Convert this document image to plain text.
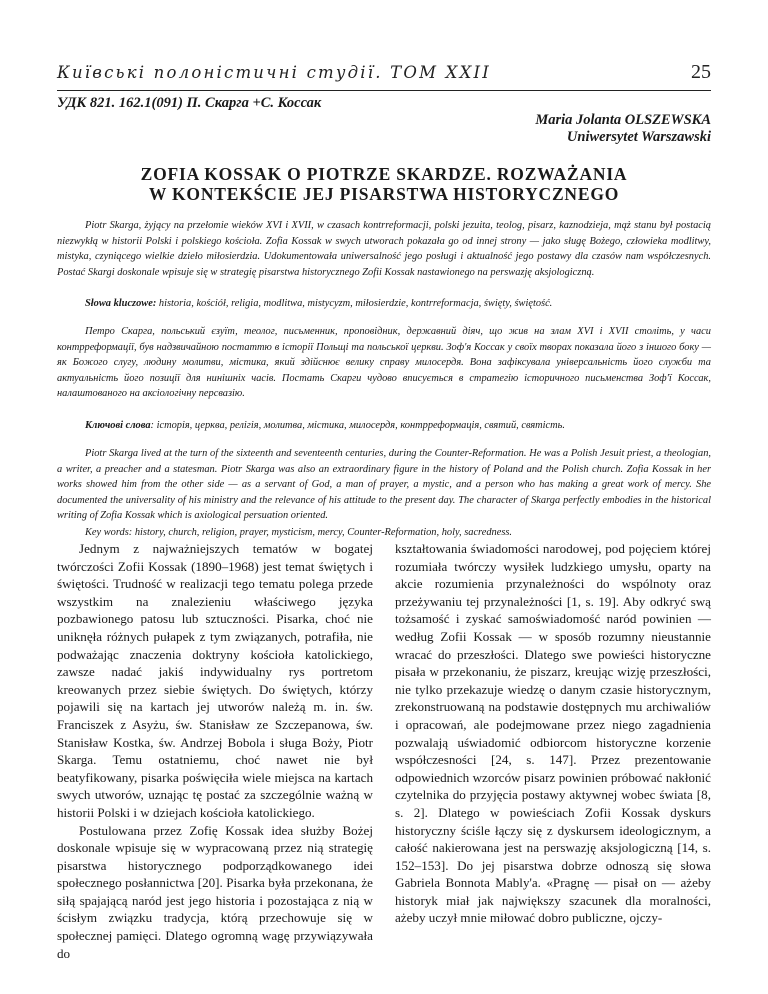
Київські полоністичні студії. ТОМ XXII	25
УДК 821. 162.1(091) П. Скарга +С. Коссак
Maria Jolanta OLSZEWSKA
Uniwersytet Warszawski
ZOFIA KOSSAK O PIOTRZE SKARDZE. ROZWAŻANIA
W KONTEKŚCIE JEJ PISARSTWA HISTORYCZNEGO

Piotr Skarga, żyjący na przełomie wieków XVI i XVII, w czasach kontrreformacji, polski jezuita, teolog, pisarz, kaznodzieja, mąż stanu był postacią niezwykłą w historii Polski i polskiego kościoła. Zofia Kossak w swych utworach pokazała go od innej strony — jako sługę Bożego, człowieka modlitwy, mistyka, czyniącego wielkie dzieło miłosierdzia. Udokumentowała uniwersalność jego posługi i aktualność jego postawy dla czasów nam współczesnych. Postać Skargi doskonale wpisuje się w strategię pisarstwa historycznego Zofii Kossak nastawionego na perswazję aksjologiczną.

Słowa kluczowe: historia, kościół, religia, modlitwa, mistycyzm, miłosierdzie, kontrreformacja, święty, świętość.

Петро Скарга, польський єзуїт, теолог, письменник, проповідник, державний діяч, що жив на злам XVI і XVII століть, у часи контрреформації, був надзвичайною постаттю в історії Польщі та польської церкви. Зоф'я Коссак у своїх творах показала його з іншого боку — як Божого слугу, людину молитви, містика, який здійснює велику справу милосердя. Вона зафіксувала універсальність його служби та актуальність його позиції для нинішніх часів. Постать Скарги чудово вписується в стратегію історичного письменства Зоф'ї Коссак, налаштованого на аксіологічну персвазію.

Ключові слова: історія, церква, релігія, молитва, містика, милосердя, контрреформація, святий, святість.

Piotr Skarga lived at the turn of the sixteenth and seventeenth centuries, during the Counter-Reformation. He was a Polish Jesuit priest, a theologian, a writer, a preacher and a statesman. Piotr Skarga was also an extraordinary figure in the history of Poland and the Polish church. Zofia Kossak in her works showed him from the other side — as a servant of God, a man of prayer, a mystic, and a person who has making a great work of mercy. She documented the universality of his ministry and the relevance of his attitude to the present day. The character of Skarga perfectly embodies in the historical writing of Zofia Kossak which is axiological persuation oriented.

Key words: history, church, religion, prayer, mysticism, mercy, Counter-Reformation, holy, sacredness.

Jednym z najważniejszych tematów w bogatej twórczości Zofii Kossak (1890–1968) jest temat świętych i świętości. Trudność w realizacji tego tematu polega przede wszystkim na znalezieniu właściwego języka pozbawionego patosu lub sztuczności. Pisarka, choć nie uniknęła różnych pułapek z tym związanych, potrafiła, nie podważając znaczenia doktryny kościoła katolickiego, zawsze nadać jakiś indywidualny rys portretom kreowanych przez siebie świętych. Do świętych, którzy pojawili się na kartach jej utworów należą m. in. św. Franciszek z Asyżu, św. Stanisław ze Szczepanowa, św. Stanisław Kostka, św. Andrzej Bobola i sługa Boży, Piotr Skarga. Temu ostatniemu, choć nawet nie był beatyfikowany, pisarka poświęciła wiele miejsca na kartach swych utworów, uznając tę postać za szczególnie ważną w historii Polski i w dziejach kościoła katolickiego.

Postulowana przez Zofię Kossak idea służby Bożej doskonale wpisuje się w wypracowaną przez nią strategię pisarstwa historycznego podporządkowanego idei społecznego posłannictwa [20]. Pisarka była przekonana, że siłą spajającą naród jest jego historia i pozostająca z nią w ścisłym związku tradycja, którą przechowuje się w społecznej pamięci. Dlatego ogromną wagę przywiązywała do

kształtowania świadomości narodowej, pod pojęciem której rozumiała twórczy wysiłek ludzkiego umysłu, oparty na akcie rozumienia przynależności do wspólnoty oraz przeżywaniu tej przynależności [1, s. 19]. Aby odkryć swą tożsamość i zyskać samoświadomość naród powinien — według Zofii Kossak — w sposób rozumny nieustannie wracać do przeszłości. Dlatego swe powieści historyczne pisała w przekonaniu, że piszarz, kreując wizję przeszłości, nie tylko przekazuje wiedzę o danym czasie historycznym, zrekonstruowaną na podstawie dostępnych mu archiwaliów i opracowań, ale podejmowane przez niego zagadnienia pozwalają uświadomić odbiorcom historyczne korzenie współczesności [24, s. 147]. Przez prezentowanie odpowiednich wzorców pisarz powinien próbować nakłonić czytelnika do przyjęcia postawy aktywnej wobec świata [8, s. 2]. Dlatego w powieściach Zofii Kossak dyskurs historyczny ściśle łączy się z dyskursem ideologicznym, a całość nakierowana jest na perswazję aksjologiczną [14, s. 152–153]. Do jej pisarstwa dobrze odnoszą się słowa Gabriela Bonnota Mably'a. «Pragnę — pisał on — ażeby historyk miał jak największy szacunek dla moralności, ażeby uczył mnie miłować dobro publiczne, ojczy-
